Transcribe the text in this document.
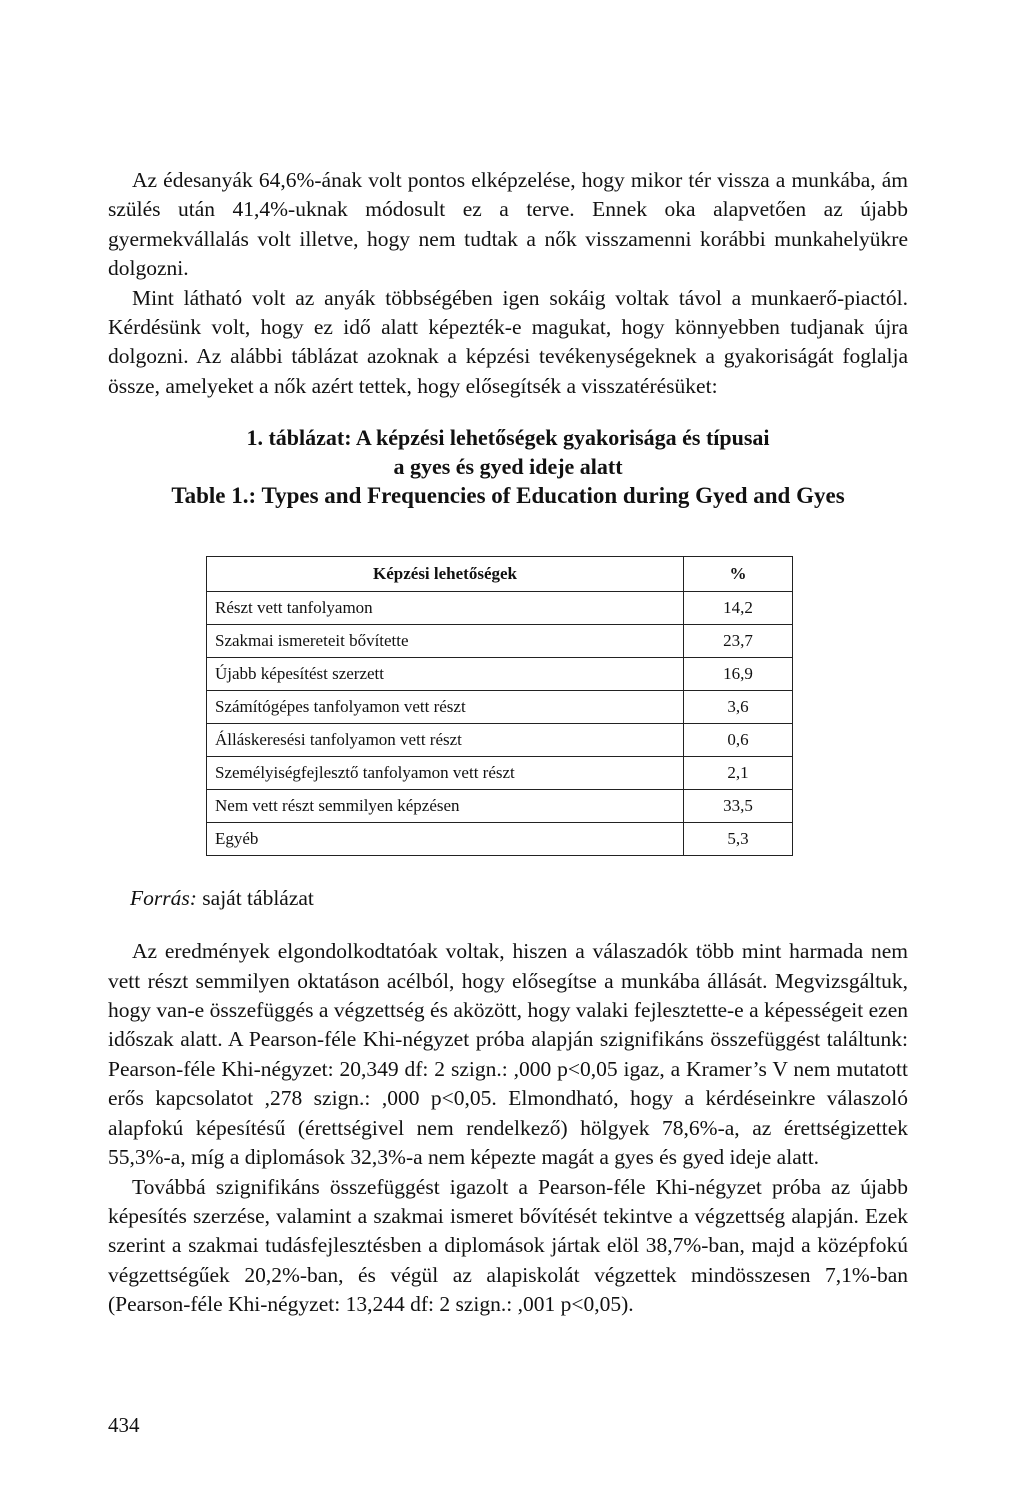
Az édesanyák 64,6%-ának volt pontos elképzelése, hogy mikor tér vissza a munkába, ám szülés után 41,4%-uknak módosult ez a terve. Ennek oka alapvetően az újabb gyermekvállalás volt illetve, hogy nem tudtak a nők visszamenni korábbi munkahelyükre dolgozni.

Mint látható volt az anyák többségében igen sokáig voltak távol a munkaerő-piactól. Kérdésünk volt, hogy ez idő alatt képezték-e magukat, hogy könnyebben tudjanak újra dolgozni. Az alábbi táblázat azoknak a képzési tevékenységeknek a gyakoriságát foglalja össze, amelyeket a nők azért tettek, hogy elősegítsék a visszatérésüket:

1. táblázat: A képzési lehetőségek gyakorisága és típusai
a gyes és gyed ideje alatt
Table 1.: Types and Frequencies of Education during Gyed and Gyes
Képzési lehetőségek	%
Részt vett tanfolyamon	14,2
Szakmai ismereteit bővítette	23,7
Újabb képesítést szerzett	16,9
Számítógépes tanfolyamon vett részt	3,6
Álláskeresési tanfolyamon vett részt	0,6
Személyiségfejlesztő tanfolyamon vett részt	2,1
Nem vett részt semmilyen képzésen	33,5
Egyéb	5,3
Forrás: saját táblázat

Az eredmények elgondolkodtatóak voltak, hiszen a válaszadók több mint harmada nem vett részt semmilyen oktatáson acélból, hogy elősegítse a munkába állását. Megvizsgáltuk, hogy van-e összefüggés a végzettség és aközött, hogy valaki fejlesztette-e a képességeit ezen időszak alatt. A Pearson-féle Khi-négyzet próba alapján szignifikáns összefüggést találtunk: Pearson-féle Khi-négyzet: 20,349 df: 2 szign.: ,000 p<0,05 igaz, a Kramer’s V nem mutatott erős kapcsolatot ,278 szign.: ,000 p<0,05. Elmondható, hogy a kérdéseinkre válaszoló alapfokú képesítésű (érettségivel nem rendelkező) hölgyek 78,6%-a, az érettségizettek 55,3%-a, míg a diplomások 32,3%-a nem képezte magát a gyes és gyed ideje alatt.

Továbbá szignifikáns összefüggést igazolt a Pearson-féle Khi-négyzet próba az újabb képesítés szerzése, valamint a szakmai ismeret bővítését tekintve a végzettség alapján. Ezek szerint a szakmai tudásfejlesztésben a diplomások jártak elöl 38,7%-ban, majd a középfokú végzettségűek 20,2%-ban, és végül az alapiskolát végzettek mindösszesen 7,1%-ban (Pearson-féle Khi-négyzet: 13,244 df: 2 szign.: ,001 p<0,05).

434
